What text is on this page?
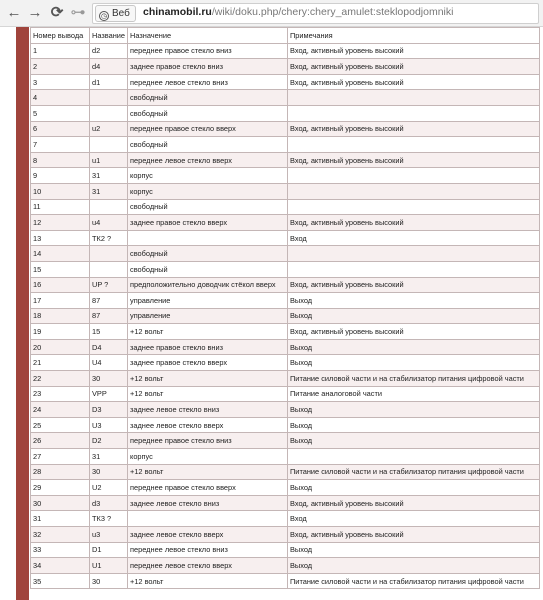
← → ⟳ ⊶	◷ Веб	chinamobil.ru/wiki/doku.php/chery:chery_amulet:steklopodjomniki
Номер вывода	Название	Назначение	Примечания
1	d2	переднее правое стекло вниз	Вход, активный уровень высокий
2	d4	заднее правое стекло вниз	Вход, активный уровень высокий
3	d1	переднее левое стекло вниз	Вход, активный уровень высокий
4		свободный	
5		свободный	
6	u2	переднее правое стекло вверх	Вход, активный уровень высокий
7		свободный	
8	u1	переднее левое стекло вверх	Вход, активный уровень высокий
9	31	корпус	
10	31	корпус	
11		свободный	
12	u4	заднее правое стекло вверх	Вход, активный уровень высокий
13	ТК2 ?		Вход
14		свободный	
15		свободный	
16	UP ?	предположительно доводчик стёкол вверх	Вход, активный уровень высокий
17	87	управление	Выход
18	87	управление	Выход
19	15	+12 вольт	Вход, активный уровень высокий
20	D4	заднее правое стекло вниз	Выход
21	U4	заднее правое стекло вверх	Выход
22	30	+12 вольт	Питание силовой части и на стабилизатор питания цифровой части
23	VPP	+12 вольт	Питание аналоговой части
24	D3	заднее левое стекло вниз	Выход
25	U3	заднее левое стекло вверх	Выход
26	D2	переднее правое стекло вниз	Выход
27	31	корпус	
28	30	+12 вольт	Питание силовой части и на стабилизатор питания цифровой части
29	U2	переднее правое стекло вверх	Выход
30	d3	заднее левое стекло вниз	Вход, активный уровень высокий
31	ТК3 ?		Вход
32	u3	заднее левое стекло вверх	Вход, активный уровень высокий
33	D1	переднее левое стекло вниз	Выход
34	U1	переднее левое стекло вверх	Выход
35	30	+12 вольт	Питание силовой части и на стабилизатор питания цифровой части
